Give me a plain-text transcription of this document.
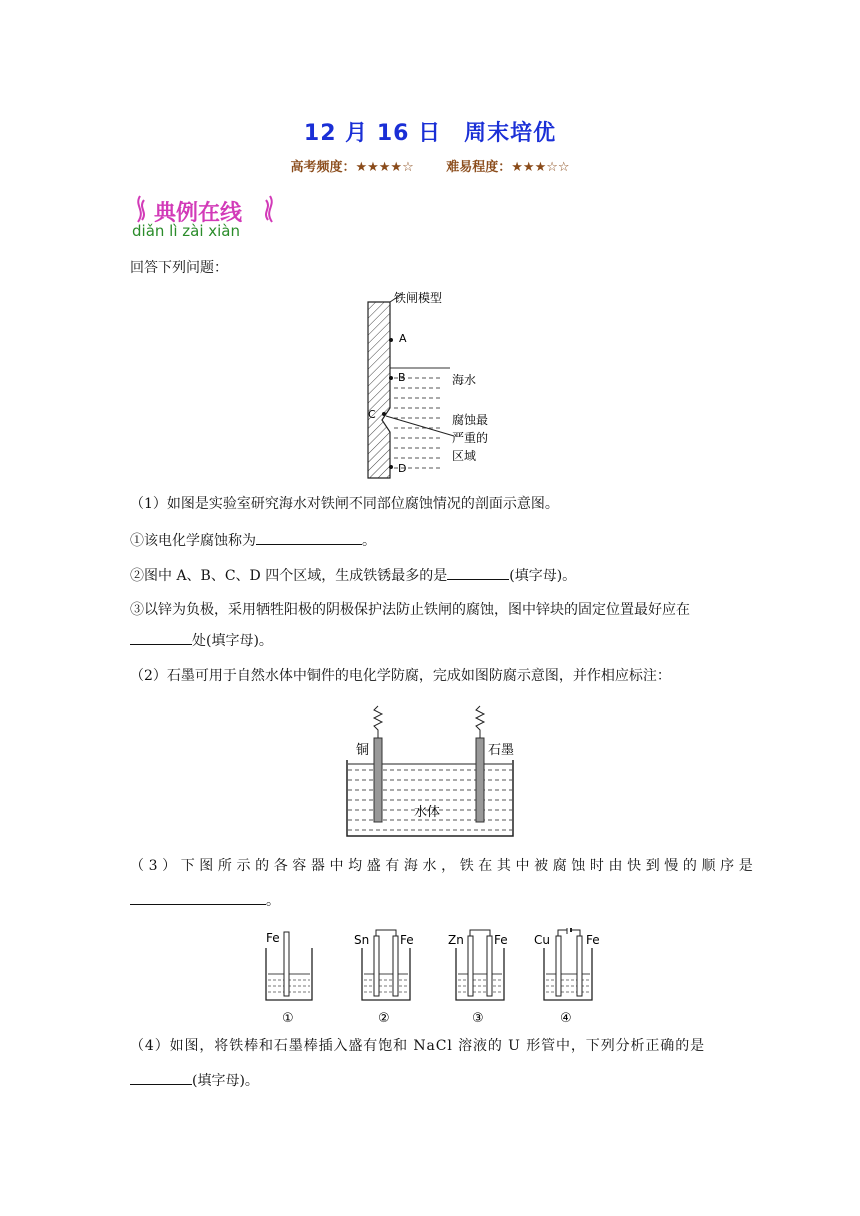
12 月 16 日　周末培优
高考频度：★★★★☆	难易程度：★★★☆☆
典例在线
diǎn lì zài xiàn
回答下列问题：
铁闸模型
A
B
C
D
海水
腐蚀最
严重的
区域
（1）如图是实验室研究海水对铁闸不同部位腐蚀情况的剖面示意图。
①该电化学腐蚀称为	。
②图中 A、B、C、D 四个区域，生成铁锈最多的是	(填字母)。
③以锌为负极，采用牺牲阳极的阴极保护法防止铁闸的腐蚀，图中锌块的固定位置最好应在
处(填字母)。
（2）石墨可用于自然水体中铜件的电化学防腐，完成如图防腐示意图，并作相应标注：
铜	石墨
水体
（3）下图所示的各容器中均盛有海水，铁在其中被腐蚀时由快到慢的顺序是
。
Fe
①
Sn	Fe
②
Zn	Fe
③
Cu	Fe
④
（4）如图，将铁棒和石墨棒插入盛有饱和 NaCl 溶液的 U 形管中，下列分析正确的是
(填字母)。
